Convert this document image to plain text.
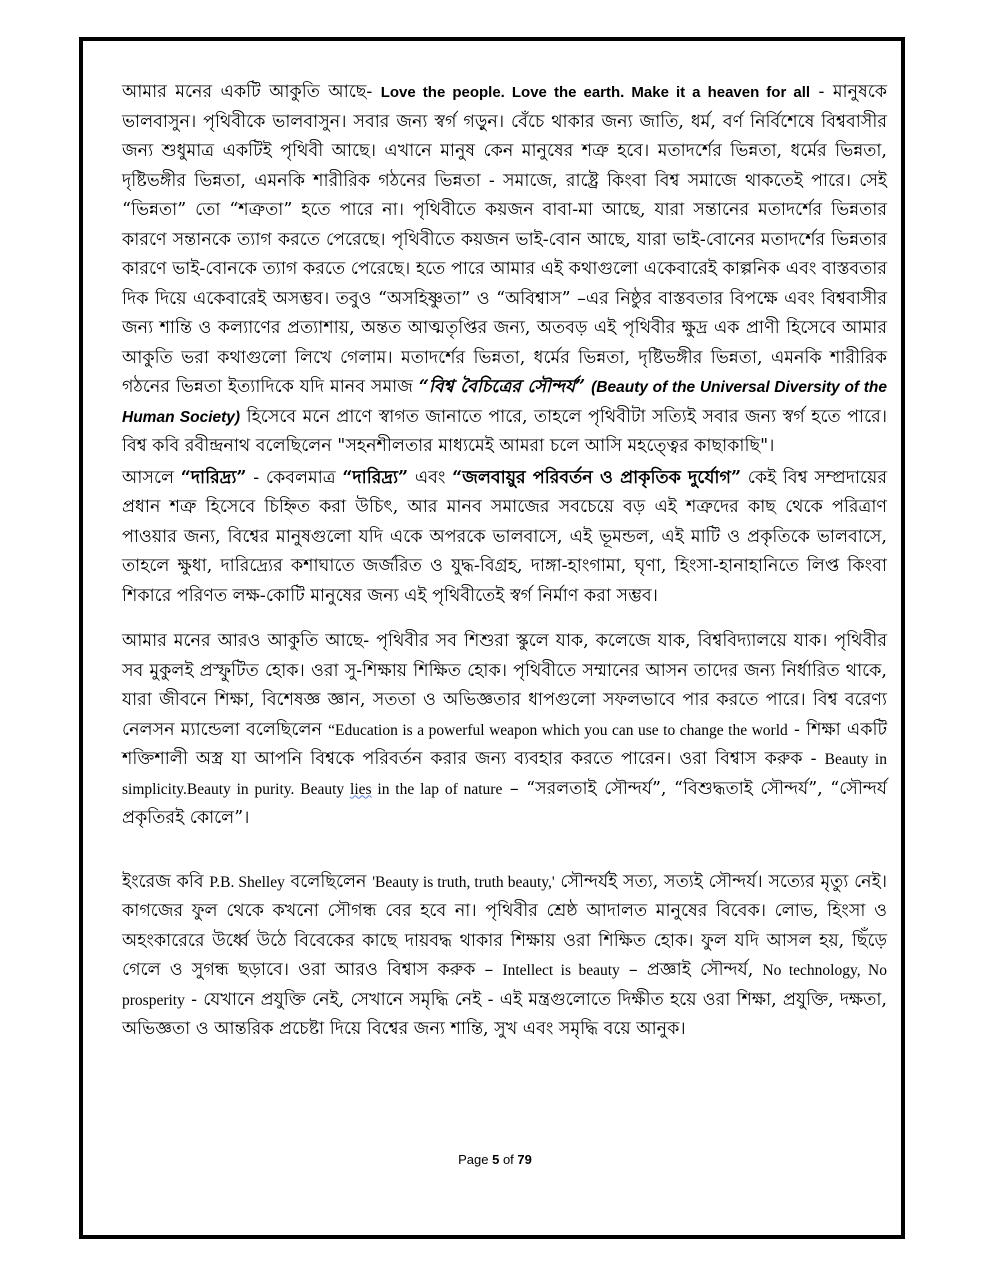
আমার মনের একটি আকুতি আছে- Love the people. Love the earth. Make it a heaven for all - মানুষকে ভালবাসুন। পৃথিবীকে ভালবাসুন। সবার জন্য স্বর্গ গড়ুন। বেঁচে থাকার জন্য জাতি, ধর্ম, বর্ণ নির্বিশেষে বিশ্ববাসীর জন্য শুধুমাত্র একটিই পৃথিবী আছে। এখানে মানুষ কেন মানুষের শত্রু হবে। মতাদর্শের ভিন্নতা, ধর্মের ভিন্নতা, দৃষ্টিভঙ্গীর ভিন্নতা, এমনকি শারীরিক গঠনের ভিন্নতা - সমাজে, রাষ্ট্রে কিংবা বিশ্ব সমাজে থাকতেই পারে। সেই “ভিন্নতা” তো “শত্রুতা” হতে পারে না। পৃথিবীতে কয়জন বাবা-মা আছে, যারা সন্তানের মতাদর্শের ভিন্নতার কারণে সন্তানকে ত্যাগ করতে পেরেছে। পৃথিবীতে কয়জন ভাই-বোন আছে, যারা ভাই-বোনের মতাদর্শের ভিন্নতার কারণে ভাই-বোনকে ত্যাগ করতে পেরেছে। হতে পারে আমার এই কথাগুলো একেবারেই কাল্পনিক এবং বাস্তবতার দিক দিয়ে একেবারেই অসম্ভব। তবুও “অসহিষ্ণুতা” ও “অবিশ্বাস” –এর নিষ্ঠুর বাস্তবতার বিপক্ষে এবং বিশ্ববাসীর জন্য শান্তি ও কল্যাণের প্রত্যাশায়, অন্তত আত্মতৃপ্তির জন্য, অতবড় এই পৃথিবীর ক্ষুদ্র এক প্রাণী হিসেবে আমার আকুতি ভরা কথাগুলো লিখে গেলাম। মতাদর্শের ভিন্নতা, ধর্মের ভিন্নতা, দৃষ্টিভঙ্গীর ভিন্নতা, এমনকি শারীরিক গঠনের ভিন্নতা ইত্যাদিকে যদি মানব সমাজ “বিশ্ব বৈচিত্রের সৌন্দর্য” (Beauty of the Universal Diversity of the Human Society) হিসেবে মনে প্রাণে স্বাগত জানাতে পারে, তাহলে পৃথিবীটা সত্যিই সবার জন্য স্বর্গ হতে পারে। বিশ্ব কবি রবীন্দ্রনাথ বলেছিলেন "সহনশীলতার মাধ্যমেই আমরা চলে আসি মহত্ত্বের কাছাকাছি"।

আসলে “দারিদ্র্য” - কেবলমাত্র “দারিদ্র্য” এবং “জলবায়ুর পরিবর্তন ও প্রাকৃতিক দুর্যোগ” কেই বিশ্ব সম্প্রদায়ের প্রধান শত্রু হিসেবে চিহ্নিত করা উচিৎ, আর মানব সমাজের সবচেয়ে বড় এই শত্রুদের কাছ থেকে পরিত্রাণ পাওয়ার জন্য, বিশ্বের মানুষগুলো যদি একে অপরকে ভালবাসে, এই ভূমন্ডল, এই মাটি ও প্রকৃতিকে ভালবাসে, তাহলে ক্ষুধা, দারিদ্র্যের কশাঘাতে জর্জরিত ও যুদ্ধ-বিগ্রহ, দাঙ্গা-হাংগামা, ঘৃণা, হিংসা-হানাহানিতে লিপ্ত কিংবা শিকারে পরিণত লক্ষ-কোটি মানুষের জন্য এই পৃথিবীতেই স্বর্গ নির্মাণ করা সম্ভব।

আমার মনের আরও আকুতি আছে- পৃথিবীর সব শিশুরা স্কুলে যাক, কলেজে যাক, বিশ্ববিদ্যালয়ে যাক। পৃথিবীর সব মুকুলই প্রস্ফুটিত হোক। ওরা সু-শিক্ষায় শিক্ষিত হোক। পৃথিবীতে সম্মানের আসন তাদের জন্য নির্ধারিত থাকে, যারা জীবনে শিক্ষা, বিশেষজ্ঞ জ্ঞান, সততা ও অভিজ্ঞতার ধাপগুলো সফলভাবে পার করতে পারে। বিশ্ব বরেণ্য নেলসন ম্যান্ডেলা বলেছিলেন “Education is a powerful weapon which you can use to change the world - শিক্ষা একটি শক্তিশালী অস্ত্র যা আপনি বিশ্বকে পরিবর্তন করার জন্য ব্যবহার করতে পারেন। ওরা বিশ্বাস করুক - Beauty in simplicity.Beauty in purity. Beauty lies in the lap of nature – “সরলতাই সৌন্দর্য”, “বিশুদ্ধতাই সৌন্দর্য”, “সৌন্দর্য প্রকৃতিরই কোলে”।

ইংরেজ কবি P.B. Shelley বলেছিলেন 'Beauty is truth, truth beauty,' সৌন্দর্যই সত্য, সত্যই সৌন্দর্য। সত্যের মৃত্যু নেই। কাগজের ফুল থেকে কখনো সৌগন্ধ বের হবে না। পৃথিবীর শ্রেষ্ঠ আদালত মানুষের বিবেক। লোভ, হিংসা ও অহংকারেরে উর্ধ্বে উঠে বিবেকের কাছে দায়বদ্ধ থাকার শিক্ষায় ওরা শিক্ষিত হোক। ফুল যদি আসল হয়, ছিঁড়ে গেলে ও সুগন্ধ ছড়াবে। ওরা আরও বিশ্বাস করুক – Intellect is beauty – প্রজ্ঞাই সৌন্দর্য, No technology, No prosperity - যেখানে প্রযুক্তি নেই, সেখানে সমৃদ্ধি নেই - এই মন্ত্রগুলোতে দিক্ষীত হয়ে ওরা শিক্ষা, প্রযুক্তি, দক্ষতা, অভিজ্ঞতা ও আন্তরিক প্রচেষ্টা দিয়ে বিশ্বের জন্য শান্তি, সুখ এবং সমৃদ্ধি বয়ে আনুক।

Page 5 of 79
